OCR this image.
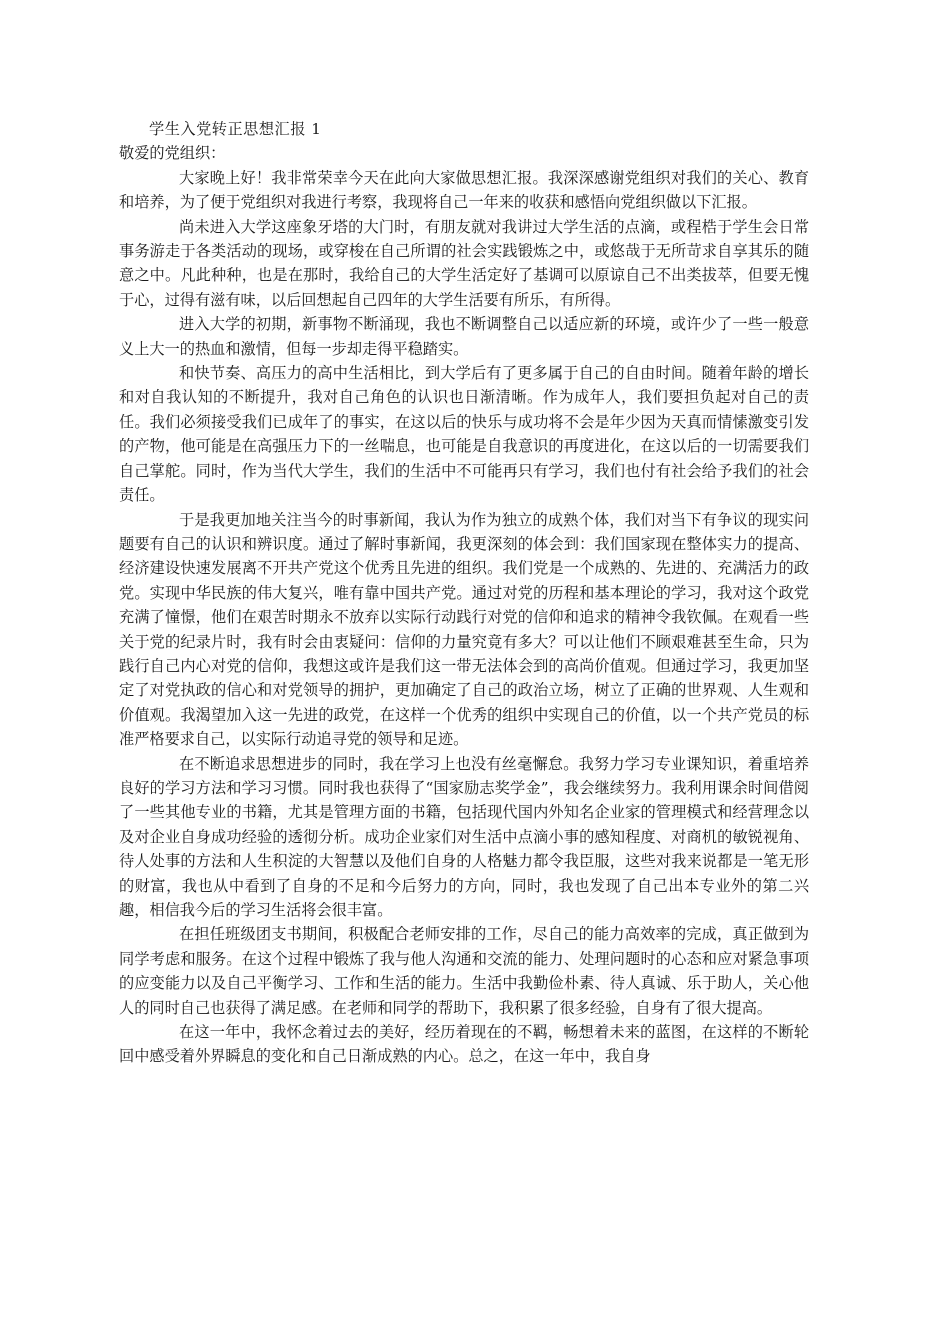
学生入党转正思想汇报 1

敬爱的党组织：

大家晚上好！我非常荣幸今天在此向大家做思想汇报。我深深感谢党组织对我们的关心、教育和培养，为了便于党组织对我进行考察，我现将自己一年来的收获和感悟向党组织做以下汇报。

尚未进入大学这座象牙塔的大门时，有朋友就对我讲过大学生活的点滴，或程梏于学生会日常事务游走于各类活动的现场，或穿梭在自己所谓的社会实践锻炼之中，或悠哉于无所苛求自享其乐的随意之中。凡此种种，也是在那时，我给自己的大学生活定好了基调可以原谅自己不出类拔萃，但要无愧于心，过得有滋有味，以后回想起自己四年的大学生活要有所乐，有所得。

进入大学的初期，新事物不断涌现，我也不断调整自己以适应新的环境，或许少了一些一般意义上大一的热血和激情，但每一步却走得平稳踏实。

和快节奏、高压力的高中生活相比，到大学后有了更多属于自己的自由时间。随着年龄的增长和对自我认知的不断提升，我对自己角色的认识也日渐清晰。作为成年人，我们要担负起对自己的责任。我们必须接受我们已成年了的事实，在这以后的快乐与成功将不会是年少因为天真而情愫激变引发的产物，他可能是在高强压力下的一丝喘息，也可能是自我意识的再度进化，在这以后的一切需要我们自己掌舵。同时，作为当代大学生，我们的生活中不可能再只有学习，我们也付有社会给予我们的社会责任。

于是我更加地关注当今的时事新闻，我认为作为独立的成熟个体，我们对当下有争议的现实问题要有自己的认识和辨识度。通过了解时事新闻，我更深刻的体会到：我们国家现在整体实力的提高、经济建设快速发展离不开共产党这个优秀且先进的组织。我们党是一个成熟的、先进的、充满活力的政党。实现中华民族的伟大复兴，唯有靠中国共产党。通过对党的历程和基本理论的学习，我对这个政党充满了憧憬，他们在艰苦时期永不放弃以实际行动践行对党的信仰和追求的精神令我钦佩。在观看一些关于党的纪录片时，我有时会由衷疑问：信仰的力量究竟有多大？可以让他们不顾艰难甚至生命，只为践行自己内心对党的信仰，我想这或许是我们这一带无法体会到的高尚价值观。但通过学习，我更加坚定了对党执政的信心和对党领导的拥护，更加确定了自己的政治立场，树立了正确的世界观、人生观和价值观。我渴望加入这一先进的政党，在这样一个优秀的组织中实现自己的价值，以一个共产党员的标准严格要求自己，以实际行动追寻党的领导和足迹。

在不断追求思想进步的同时，我在学习上也没有丝毫懈怠。我努力学习专业课知识，着重培养良好的学习方法和学习习惯。同时我也获得了“国家励志奖学金”，我会继续努力。我利用课余时间借阅了一些其他专业的书籍，尤其是管理方面的书籍，包括现代国内外知名企业家的管理模式和经营理念以及对企业自身成功经验的透彻分析。成功企业家们对生活中点滴小事的感知程度、对商机的敏锐视角、待人处事的方法和人生积淀的大智慧以及他们自身的人格魅力都令我臣服，这些对我来说都是一笔无形的财富，我也从中看到了自身的不足和今后努力的方向，同时，我也发现了自己出本专业外的第二兴趣，相信我今后的学习生活将会很丰富。

在担任班级团支书期间，积极配合老师安排的工作，尽自己的能力高效率的完成，真正做到为同学考虑和服务。在这个过程中锻炼了我与他人沟通和交流的能力、处理问题时的心态和应对紧急事项的应变能力以及自己平衡学习、工作和生活的能力。生活中我勤俭朴素、待人真诚、乐于助人，关心他人的同时自己也获得了满足感。在老师和同学的帮助下，我积累了很多经验，自身有了很大提高。

在这一年中，我怀念着过去的美好，经历着现在的不羁，畅想着未来的蓝图，在这样的不断轮回中感受着外界瞬息的变化和自己日渐成熟的内心。总之，在这一年中，我自身
